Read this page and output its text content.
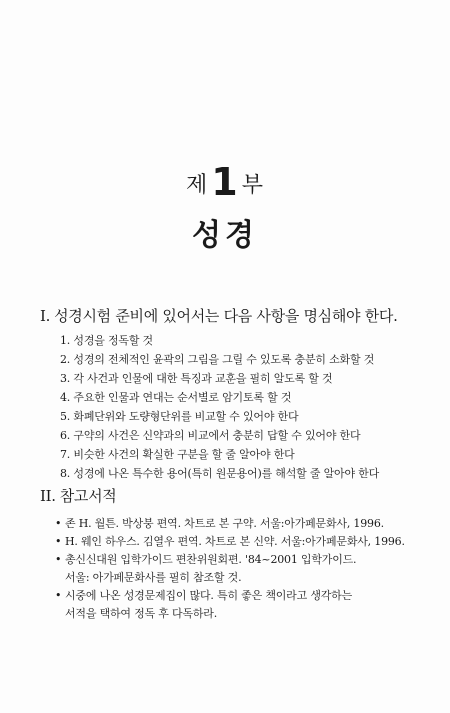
제1 부
성경
I. 성경시험 준비에 있어서는 다음 사항을 명심해야 한다.
1. 성경을 정독할 것
2. 성경의 전체적인 윤곽의 그림을 그릴 수 있도록 충분히 소화할 것
3. 각 사건과 인물에 대한 특징과 교훈을 필히 알도록 할 것
4. 주요한 인물과 연대는 순서별로 암기토록 할 것
5. 화폐단위와 도량형단위를 비교할 수 있어야 한다
6. 구약의 사건은 신약과의 비교에서 충분히 답할 수 있어야 한다
7. 비슷한 사건의 확실한 구분을 할 줄 알아야 한다
8. 성경에 나온 특수한 용어(특히 원문용어)를 해석할 줄 알아야 한다
II. 참고서적
• 존 H. 월튼. 박상붕 편역. 차트로 본 구약. 서울:아가페문화사, 1996.
• H. 웨인 하우스. 김열우 편역. 차트로 본 신약. 서울:아가페문화사, 1996.
• 총신신대원 입학가이드 편찬위원회편. '84~2001 입학가이드.
서울: 아가페문화사를 필히 참조할 것.
• 시중에 나온 성경문제집이 많다. 특히 좋은 책이라고 생각하는
서적을 택하여 정독 후 다독하라.
